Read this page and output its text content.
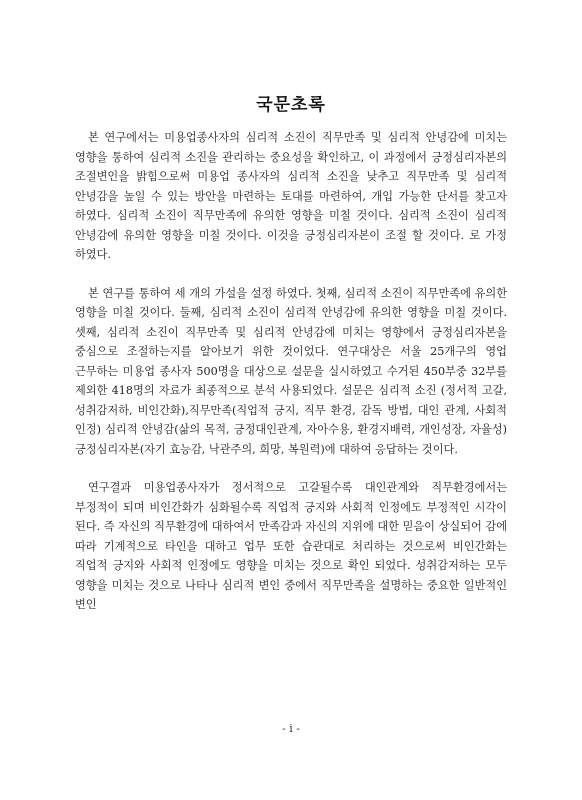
국문초록

본 연구에서는 미용업종사자의 심리적 소진이 직무만족 및 심리적 안녕감에 미치는 영향을 통하여 심리적 소진을 관리하는 중요성을 확인하고, 이 과정에서 긍정심리자본의 조절변인을 밝힘으로써 미용업 종사자의 심리적 소진을 낮추고 직무만족 및 심리적 안녕감을 높일 수 있는 방안을 마련하는 토대를 마련하여, 개입 가능한 단서를 찾고자 하였다. 심리적 소진이 직무만족에 유의한 영향을 미칠 것이다. 심리적 소진이 심리적 안녕감에 유의한 영향을 미칠 것이다. 이것을 긍정심리자본이 조절 할 것이다. 로 가정 하였다.

본 연구를 통하여 세 개의 가설을 설정 하였다. 첫째, 심리적 소진이 직무만족에 유의한 영향을 미칠 것이다. 둘째, 심리적 소진이 심리적 안녕감에 유의한 영향을 미칠 것이다. 셋째, 심리적 소진이 직무만족 및 심리적 안녕감에 미치는 영향에서 긍정심리자본을 중심으로 조절하는지를 알아보기 위한 것이었다. 연구대상은 서울 25개구의 영업 근무하는 미용업 종사자 500명을 대상으로 설문을 실시하였고 수거된 450부중 32부를 제외한 418명의 자료가 최종적으로 분석 사용되었다. 설문은 심리적 소진 (정서적 고갈, 성취감저하, 비인간화),직무만족(직업적 긍지, 직무 환경, 감독 방법, 대인 관계, 사회적 인정) 심리적 안녕감(삶의 목적, 긍정대인관계, 자아수용, 환경지배력, 개인성장, 자율성) 긍정심리자본(자기 효능감, 낙관주의, 희망, 복원력)에 대하여 응답하는 것이다.

연구결과 미용업종사자가 정서적으로 고갈될수록 대인관계와 직무환경에서는 부정적이 되며 비인간화가 심화될수록 직업적 긍지와 사회적 인정에도 부정적인 시각이 된다. 즉 자신의 직무환경에 대하여서 만족감과 자신의 지위에 대한 믿음이 상실되어 감에 따라 기계적으로 타인을 대하고 업무 또한 습관대로 처리하는 것으로써 비인간화는 직업적 긍지와 사회적 인정에도 영향을 미치는 것으로 확인 되었다. 성취감저하는 모두 영향을 미치는 것으로 나타나 심리적 변인 중에서 직무만족을 설명하는 중요한 일반적인 변인

- i -
